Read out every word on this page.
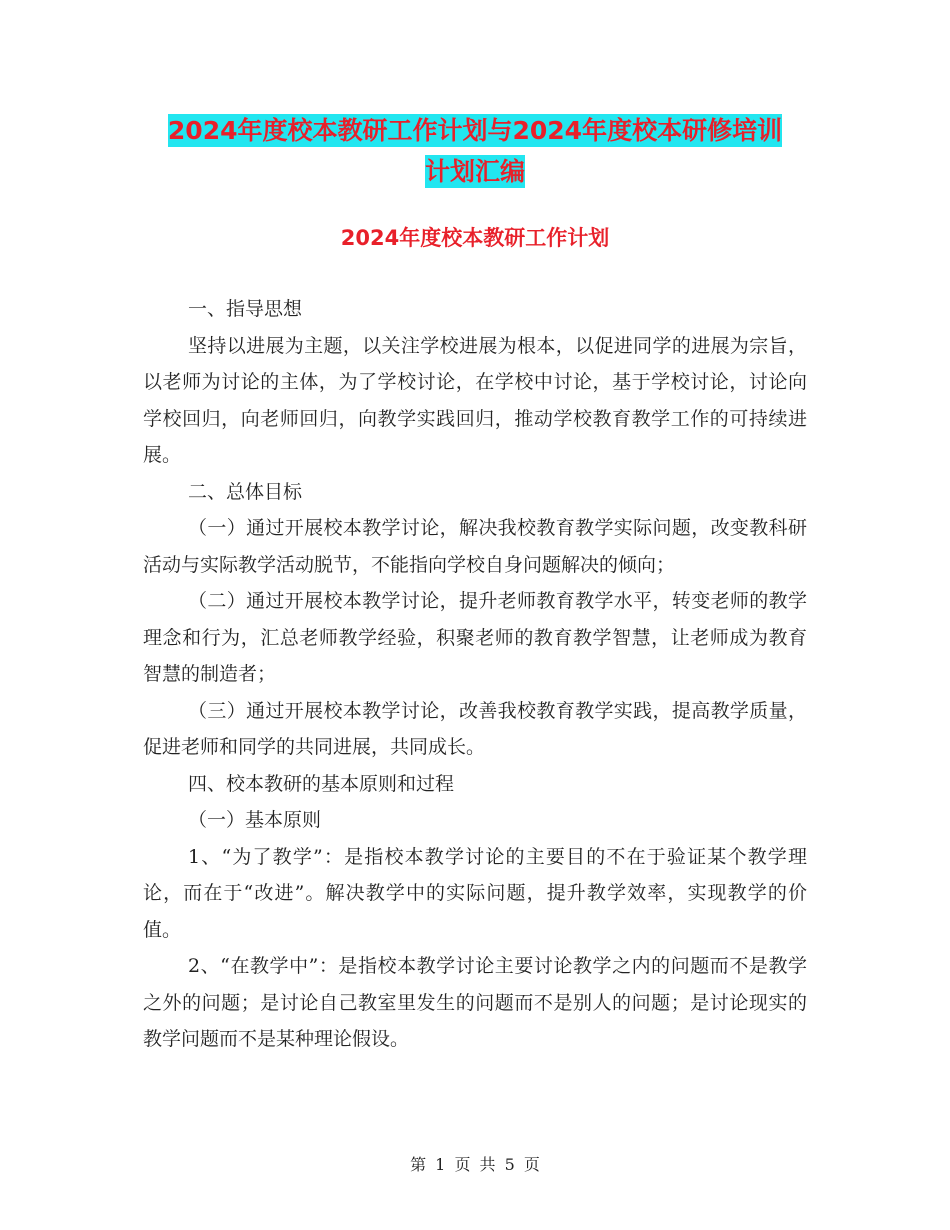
2024年度校本教研工作计划与2024年度校本研修培训
计划汇编
2024年度校本教研工作计划

一、指导思想

坚持以进展为主题，以关注学校进展为根本，以促进同学的进展为宗旨，以老师为讨论的主体，为了学校讨论，在学校中讨论，基于学校讨论，讨论向学校回归，向老师回归，向教学实践回归，推动学校教育教学工作的可持续进展。

二、总体目标

（一）通过开展校本教学讨论，解决我校教育教学实际问题，改变教科研活动与实际教学活动脱节，不能指向学校自身问题解决的倾向；

（二）通过开展校本教学讨论，提升老师教育教学水平，转变老师的教学理念和行为，汇总老师教学经验，积聚老师的教育教学智慧，让老师成为教育智慧的制造者；

（三）通过开展校本教学讨论，改善我校教育教学实践，提高教学质量，促进老师和同学的共同进展，共同成长。

四、校本教研的基本原则和过程

（一）基本原则

1、“为了教学”：是指校本教学讨论的主要目的不在于验证某个教学理论，而在于“改进”。解决教学中的实际问题，提升教学效率，实现教学的价值。

2、“在教学中”：是指校本教学讨论主要讨论教学之内的问题而不是教学之外的问题；是讨论自己教室里发生的问题而不是别人的问题；是讨论现实的教学问题而不是某种理论假设。

第 1 页 共 5 页
